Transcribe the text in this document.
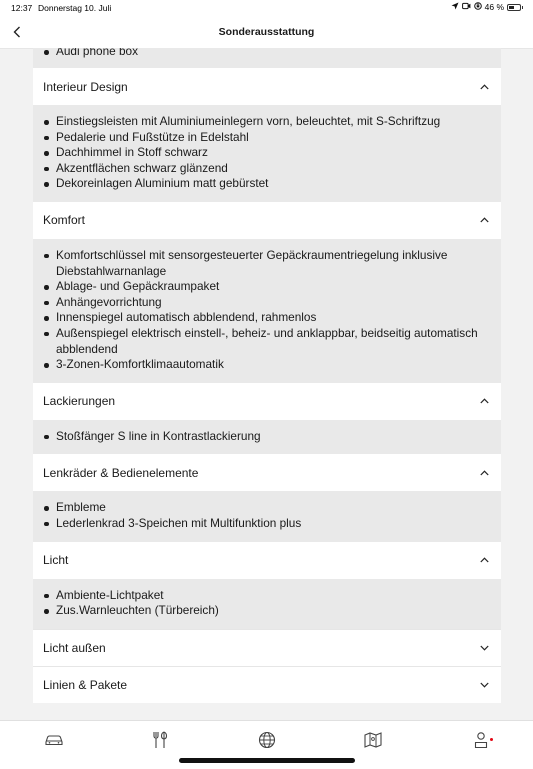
12:37 Donnerstag 10. Juli	46 %
Sonderausstattung
Audi phone box
Interieur Design
Einstiegsleisten mit Aluminiumeinlegern vorn, beleuchtet, mit S-Schriftzug
Pedalerie und Fußstütze in Edelstahl
Dachhimmel in Stoff schwarz
Akzentflächen schwarz glänzend
Dekoreinlagen Aluminium matt gebürstet
Komfort
Komfortschlüssel mit sensorgesteuerter Gepäckraumentriegelung inklusive Diebstahlwarnanlage
Ablage- und Gepäckraumpaket
Anhängevorrichtung
Innenspiegel automatisch abblendend, rahmenlos
Außenspiegel elektrisch einstell-, beheiz- und anklappbar, beidseitig automatisch abblendend
3-Zonen-Komfortklimaautomatik
Lackierungen
Stoßfänger S line in Kontrastlackierung
Lenkräder & Bedienelemente
Embleme
Lederlenkrad 3-Speichen mit Multifunktion plus
Licht
Ambiente-Lichtpaket
Zus.Warnleuchten (Türbereich)
Licht außen
Linien & Pakete
